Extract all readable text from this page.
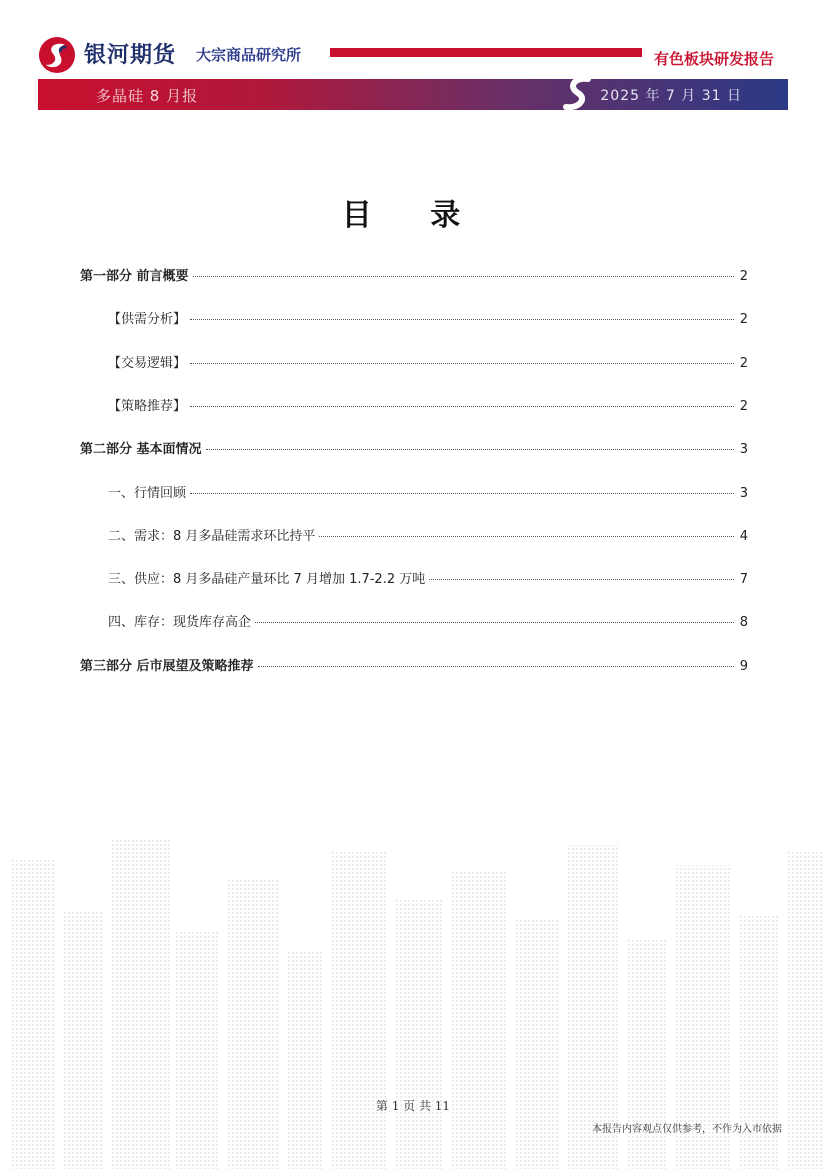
银河期货 大宗商品研究所	有色板块研发报告
多晶硅 8 月报	2025 年 7 月 31 日
目 录
第一部分 前言概要	2
【供需分析】	2
【交易逻辑】	2
【策略推荐】	2
第二部分 基本面情况	3
一、行情回顾	3
二、需求：8 月多晶硅需求环比持平	4
三、供应：8 月多晶硅产量环比 7 月增加 1.7-2.2 万吨	7
四、库存：现货库存高企	8
第三部分 后市展望及策略推荐	9
第 1 页 共 11
本报告内容观点仅供参考，不作为入市依据
